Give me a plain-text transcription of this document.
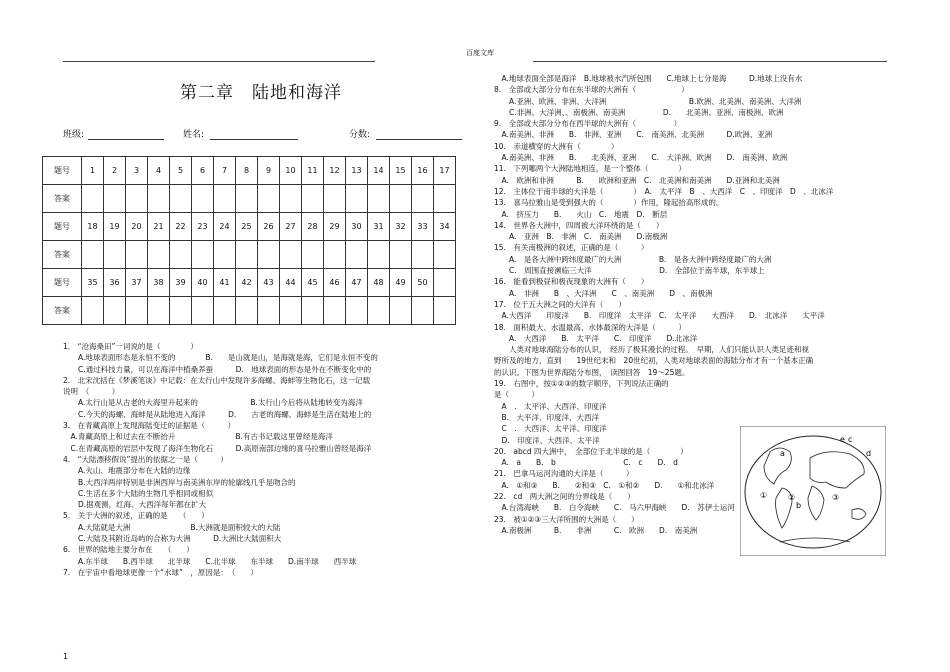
百度文库
第二章　陆地和海洋
班级:	姓名:	分数:
题号	1	2	3	4	5	6	7	8	9	10	11	12	13	14	15	16	17
答案																	
题号	18	19	20	21	22	23	24	25	26	27	28	29	30	31	32	33	34
答案																	
题号	35	36	37	38	39	40	41	42	43	44	45	46	47	48	49	50	
答案																	
1.　“沧海桑田”一词说的是（　　　　）
　　A.地球表面形态是永恒不变的　　　　B.　　是山就是山，是海就是海，它们是永恒不变的
　　C.通过科技力量，可以在海洋中植桑养蚕　　　D.　地球表面的形态是外在不断变化中的
2.　北宋沈括在《梦溪笔谈》中记载：在太行山中发现许多海螺、海蚌等生物化石，这一记载
说明　（　　　）
　　A.太行山是从古老的大海里升起来的　　　　　　　B.太行山今后将从陆地转变为海洋
　　C.今天的海螺、海蚌是从陆地进入海洋　　　D.　　古老的海螺、海蚌是生活在陆地上的
3.　在青藏高原上发现海陆变迁的证据是（　　　）
　A.青藏高原上和过去在不断抬升　　　　　　　　B.有古书记载这里曾经是海洋
　C.在青藏高原的岩层中发现了海洋生物化石　　　D.高原南部边缘的喜马拉雅山曾经是海洋
4.　“大陆漂移假说”提出的依据之一是（　　　）
　　A.火山、地震部分布在大陆的边缘
　　B.大西洋两岸特别是非洲西岸与南美洲东岸的轮廓线几乎是吻合的
　　C.生活在多个大陆的生物几乎相同或相似
　　D.据观测，红海、大西洋每年都在扩大
5.　关于大洲的叙述，正确的是　　（　　）
　　A.大陆就是大洲　　　　　　　　B.大洲就是面积较大的大陆
　　C.大陆及其附近岛屿的合称为大洲　　　D.大洲比大陆面积大
6.　世界的陆地主要分布在　　（　　）
　　A.东半球　　B.西半球　　北半球　　C.北半球　　东半球　　D.南半球　　西半球
7.　在宇宙中看地球更像一个“水球”　，原因是：　（　　）
　A.地球表面全部是海洋　B.地球被水汽所包围　　C.地球上七分是海　　　D.地球上没有水
8.　全部或大部分分布在东半球的大洲有（　　　　　　）
　　A.亚洲、欧洲、非洲、大洋洲　　　　　　　　　　　B.欧洲、北美洲、南美洲、大洋洲
　　C.非洲、大洋洲、、南极洲、南美洲　　　　　D.　　北美洲、亚洲、南极洲、欧洲
9.　全部或大部分分布在西半球的大洲有（　　　　　）
　A.南美洲、非洲　　B.　非洲、亚洲　　C.　南美洲、北美洲　　　D.欧洲、亚洲
10.　赤道横穿的大洲有（　　　　）
　A.南美洲、非洲　　B.　　北美洲、亚洲　　C.　大洋洲、欧洲　　D.　南美洲、欧洲
11.　下列哪两个大洲陆地相连，是一个整体（　　　　）
　A.　欧洲和非洲　　　B.　　欧洲和亚洲　C.　北美洲和南美洲　　D.亚洲和北美洲
12.　主体位于南半球的大洋是（　　　　）　A.　太平洋　B　、大西洋　C　、印度洋　D　、北冰洋
13.　喜马拉雅山是受到强大的（　　　　）作用，隆起抬高形成的。
　A.　挤压力　　B.　　火山　C.　地震　D.　断层
14.　世界各大洲中，四周被大洋环绕的是（　　）
　　A.　亚洲　B.　非洲　C.　南美洲　　D.南极洲
15.　有关南极洲的叙述，正确的是（　　　）
　　A.　是各大洲中跨纬度最广的大洲　　　　　B.　是各大洲中跨经度最广的大洲
　　C.　周围直接濒临三大洋　　　　　　　　　D.　全部位于南半球，东半球上
16.　能看到极昼和极夜现象的大洲有（　　）
　　A.　非洲　　B　、大洋洲　　C　、南美洲　　D　、南极洲
17.　位于五大洲之间的大洋有（　　）
　A.大西洋　　印度洋　　B.　印度洋　太平洋　C.　太平洋　　大西洋　　D.　北冰洋　　太平洋
18.　面积最大、水温最高、水体最深的大洋是（　　　）
　　A.　大西洋　　B.　太平洋　　C.　印度洋　　D.北冰洋
　　人类对地球海陆分布的认识，　经历了极其漫长的过程。　早期，人们只能认识人类足迹和视
野所及的地方，直到　　19世纪末和　20世纪初，人类对地球表面的海陆分布才有一个基本正确
的认识。下图为世界海陆分布图，　读图回答　19～25题。
19.　右图中，按①②③的数字顺序，下列说法正确的
是（　　　）
　A　.　太平洋、大西洋、印度洋
　B.　大平洋、印度洋、大西洋
　C　.　大西洋、太平洋、印度洋
　D.　印度洋、大西洋、太平洋
20.　abcd 四大洲中，　全部位于北半球的是（　　　　）
　A.　a　　B.　b　　　　　　　　　C.　c　　D.　d
21.　巴拿马运河沟通的大洋是（　　　）
　A.　①和③　　B.　　②和③　C.　①和②　　D.　　①和北冰洋
22.　cd　两大洲之间的分界线是（　　）
　A.台湾海峡　　B.　白令海峡　　C.　马六甲海峡　　D.　苏伊士运河
23.　被①②③三大洋所围的大洲是（　　）
　A.南极洲　　　B.　　非洲　　　C.　欧洲　　D.　南美洲
a
b
c
d
e
①	②	③
1
